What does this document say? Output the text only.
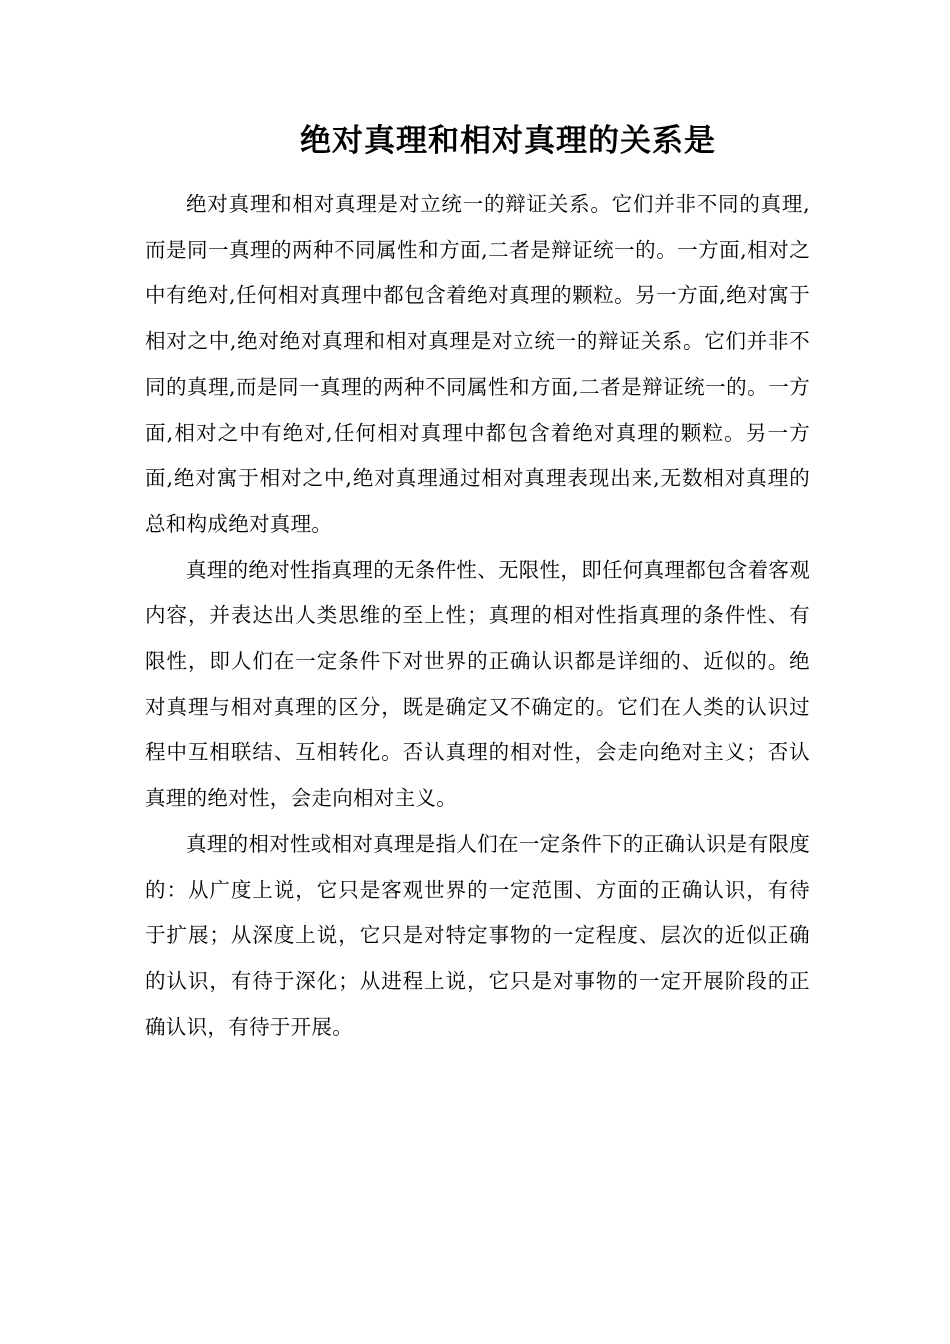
绝对真理和相对真理的关系是

绝对真理和相对真理是对立统一的辩证关系。它们并非不同的真理,而是同一真理的两种不同属性和方面,二者是辩证统一的。一方面,相对之中有绝对,任何相对真理中都包含着绝对真理的颗粒。另一方面,绝对寓于相对之中,绝对绝对真理和相对真理是对立统一的辩证关系。它们并非不同的真理,而是同一真理的两种不同属性和方面,二者是辩证统一的。一方面,相对之中有绝对,任何相对真理中都包含着绝对真理的颗粒。另一方面,绝对寓于相对之中,绝对真理通过相对真理表现出来,无数相对真理的总和构成绝对真理。

真理的绝对性指真理的无条件性、无限性，即任何真理都包含着客观内容，并表达出人类思维的至上性；真理的相对性指真理的条件性、有限性，即人们在一定条件下对世界的正确认识都是详细的、近似的。绝对真理与相对真理的区分，既是确定又不确定的。它们在人类的认识过程中互相联结、互相转化。否认真理的相对性，会走向绝对主义；否认真理的绝对性，会走向相对主义。

真理的相对性或相对真理是指人们在一定条件下的正确认识是有限度的：从广度上说，它只是客观世界的一定范围、方面的正确认识，有待于扩展；从深度上说，它只是对特定事物的一定程度、层次的近似正确的认识，有待于深化；从进程上说，它只是对事物的一定开展阶段的正确认识，有待于开展。
